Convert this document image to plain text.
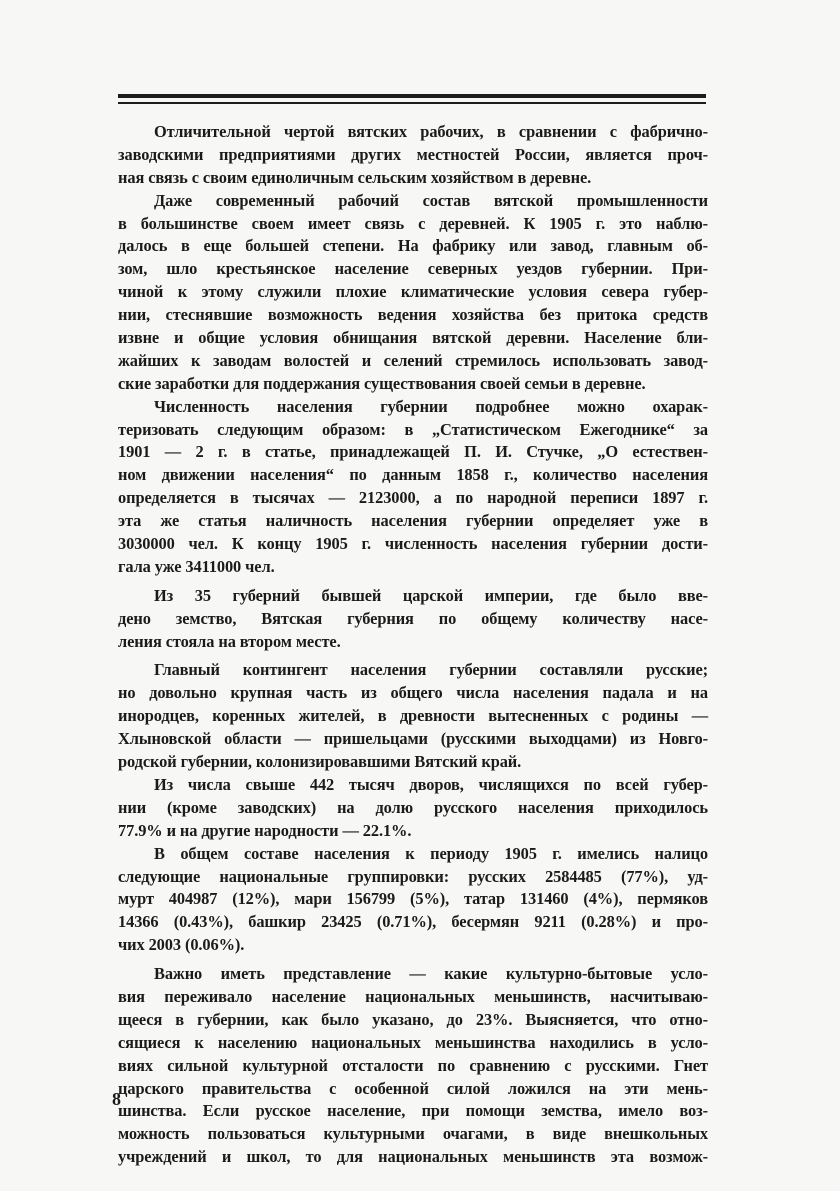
Отличительной чертой вятских рабочих, в сравнении с фабрично-
заводскими предприятиями других местностей России, является проч-
ная связь с своим единоличным сельским хозяйством в деревне.
Даже современный рабочий состав вятской промышленности
в большинстве своем имеет связь с деревней. К 1905 г. это наблю-
далось в еще большей степени. На фабрику или завод, главным об-
зом, шло крестьянское население северных уездов губернии. При-
чиной к этому служили плохие климатические условия севера губер-
нии, стеснявшие возможность ведения хозяйства без притока средств
извне и общие условия обнищания вятской деревни. Население бли-
жайших к заводам волостей и селений стремилось использовать завод-
ские заработки для поддержания существования своей семьи в деревне.
Численность населения губернии подробнее можно охарак-
теризовать следующим образом: в „Статистическом Ежегоднике“ за
1901 — 2 г. в статье, принадлежащей П. И. Стучке, „О естествен-
ном движении населения“ по данным 1858 г., количество населения
определяется в тысячах — 2123000, а по народной переписи 1897 г.
эта же статья наличность населения губернии определяет уже в
3030000 чел. К концу 1905 г. численность населения губернии дости-
гала уже 3411000 чел.
Из 35 губерний бывшей царской империи, где было вве-
дено земство, Вятская губерния по общему количеству насе-
ления стояла на втором месте.
Главный контингент населения губернии составляли русские;
но довольно крупная часть из общего числа населения падала и на
инородцев, коренных жителей, в древности вытесненных с родины —
Хлыновской области — пришельцами (русскими выходцами) из Новго-
родской губернии, колонизировавшими Вятский край.
Из числа свыше 442 тысяч дворов, числящихся по всей губер-
нии (кроме заводских) на долю русского населения приходилось
77.9% и на другие народности — 22.1%.
В общем составе населения к периоду 1905 г. имелись налицо
следующие национальные группировки: русских 2584485 (77%), уд-
мурт 404987 (12%), мари 156799 (5%), татар 131460 (4%), пермяков
14366 (0.43%), башкир 23425 (0.71%), бесермян 9211 (0.28%) и про-
чих 2003 (0.06%).
Важно иметь представление — какие культурно-бытовые усло-
вия переживало население национальных меньшинств, насчитываю-
щееся в губернии, как было указано, до 23%. Выясняется, что отно-
сящиеся к населению национальных меньшинства находились в усло-
виях сильной культурной отсталости по сравнению с русскими. Гнет
царского правительства с особенной силой ложился на эти мень-
шинства. Если русское население, при помощи земства, имело воз-
можность пользоваться культурными очагами, в виде внешкольных
учреждений и школ, то для национальных меньшинств эта возмож-
8
